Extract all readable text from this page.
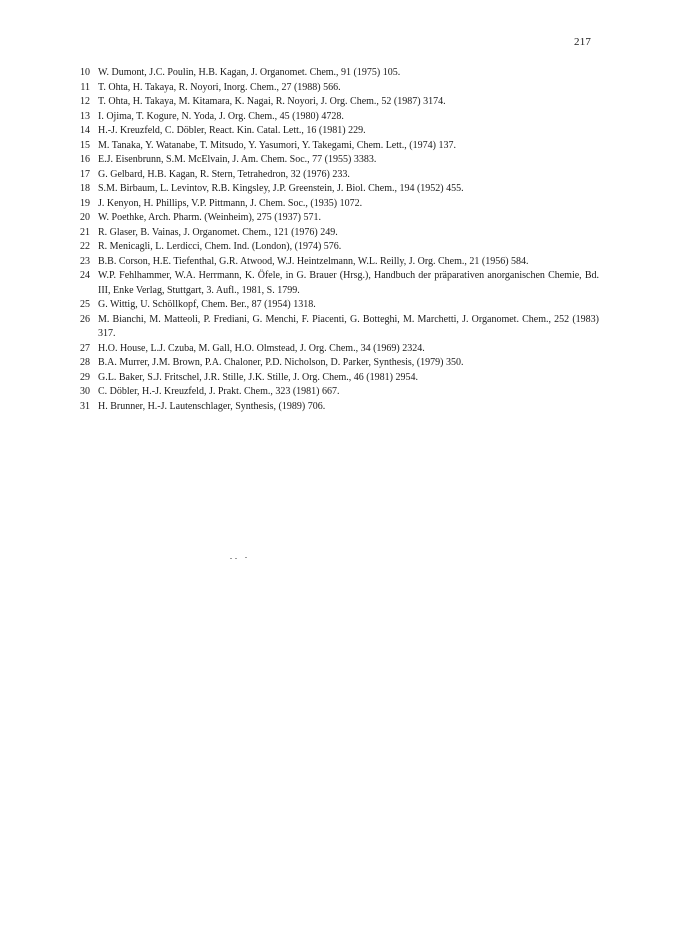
217
10 W. Dumont, J.C. Poulin, H.B. Kagan, J. Organomet. Chem., 91 (1975) 105.
11 T. Ohta, H. Takaya, R. Noyori, Inorg. Chem., 27 (1988) 566.
12 T. Ohta, H. Takaya, M. Kitamara, K. Nagai, R. Noyori, J. Org. Chem., 52 (1987) 3174.
13 I. Ojima, T. Kogure, N. Yoda, J. Org. Chem., 45 (1980) 4728.
14 H.-J. Kreuzfeld, C. Döbler, React. Kin. Catal. Lett., 16 (1981) 229.
15 M. Tanaka, Y. Watanabe, T. Mitsudo, Y. Yasumori, Y. Takegami, Chem. Lett., (1974) 137.
16 E.J. Eisenbrunn, S.M. McElvain, J. Am. Chem. Soc., 77 (1955) 3383.
17 G. Gelbard, H.B. Kagan, R. Stern, Tetrahedron, 32 (1976) 233.
18 S.M. Birbaum, L. Levintov, R.B. Kingsley, J.P. Greenstein, J. Biol. Chem., 194 (1952) 455.
19 J. Kenyon, H. Phillips, V.P. Pittmann, J. Chem. Soc., (1935) 1072.
20 W. Poethke, Arch. Pharm. (Weinheim), 275 (1937) 571.
21 R. Glaser, B. Vainas, J. Organomet. Chem., 121 (1976) 249.
22 R. Menicagli, L. Lerdicci, Chem. Ind. (London), (1974) 576.
23 B.B. Corson, H.E. Tiefenthal, G.R. Atwood, W.J. Heintzelmann, W.L. Reilly, J. Org. Chem., 21 (1956) 584.
24 W.P. Fehlhammer, W.A. Herrmann, K. Öfele, in G. Brauer (Hrsg.), Handbuch der präparativen anorganischen Chemie, Bd. III, Enke Verlag, Stuttgart, 3. Aufl., 1981, S. 1799.
25 G. Wittig, U. Schöllkopf, Chem. Ber., 87 (1954) 1318.
26 M. Bianchi, M. Matteoli, P. Frediani, G. Menchi, F. Piacenti, G. Botteghi, M. Marchetti, J. Organomet. Chem., 252 (1983) 317.
27 H.O. House, L.J. Czuba, M. Gall, H.O. Olmstead, J. Org. Chem., 34 (1969) 2324.
28 B.A. Murrer, J.M. Brown, P.A. Chaloner, P.D. Nicholson, D. Parker, Synthesis, (1979) 350.
29 G.L. Baker, S.J. Fritschel, J.R. Stille, J.K. Stille, J. Org. Chem., 46 (1981) 2954.
30 C. Döbler, H.-J. Kreuzfeld, J. Prakt. Chem., 323 (1981) 667.
31 H. Brunner, H.-J. Lautenschlager, Synthesis, (1989) 706.
